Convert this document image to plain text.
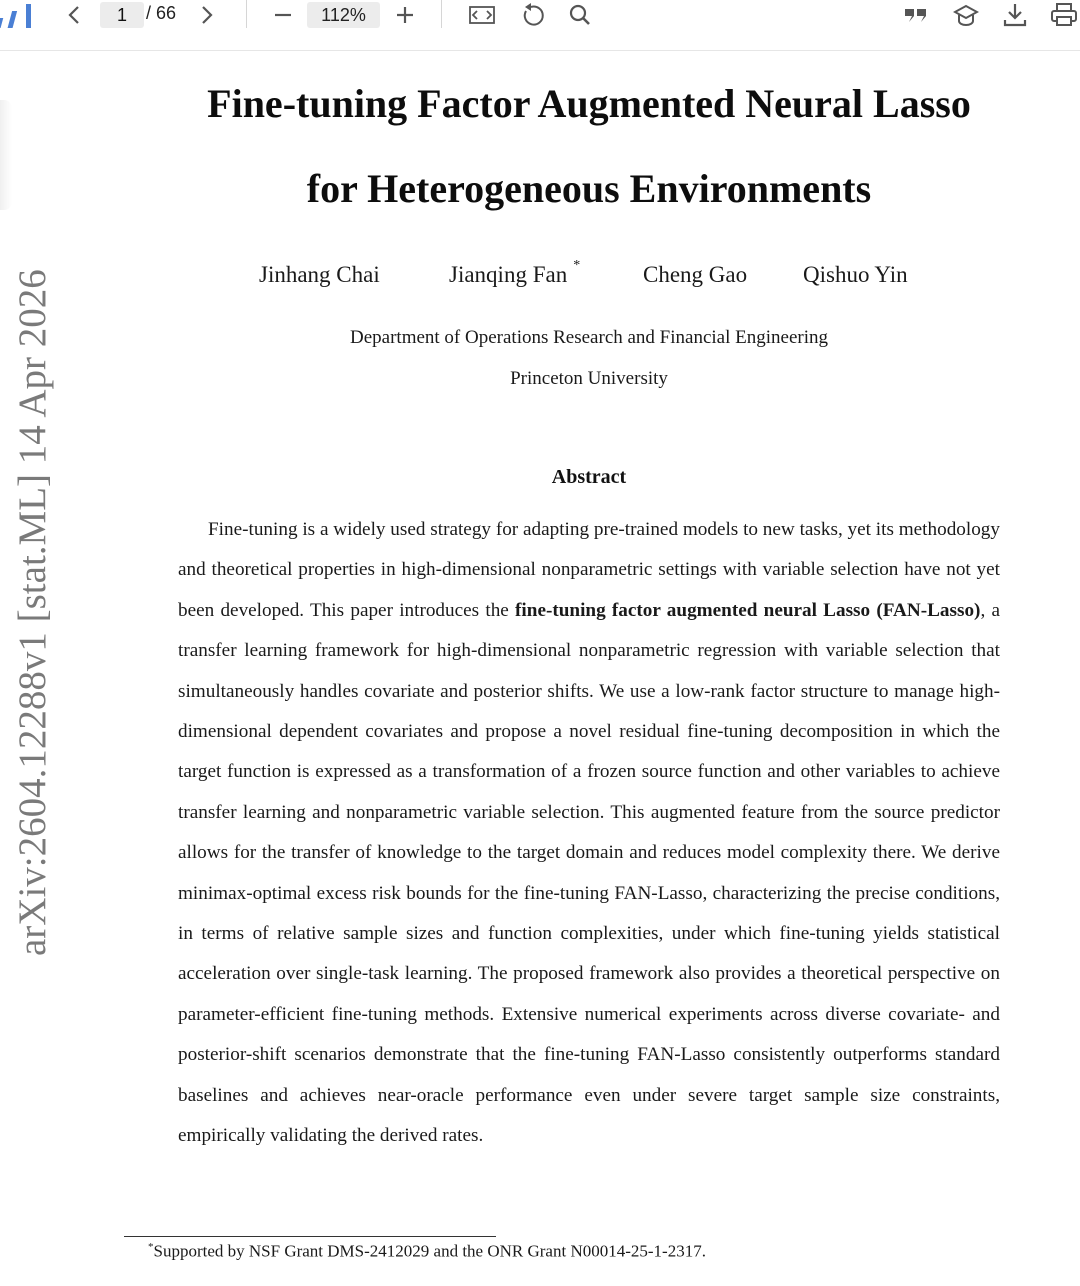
1
/ 66	112%
arXiv:2604.12288v1 [stat.ML] 14 Apr 2026
Fine-tuning Factor Augmented Neural Lasso
for Heterogeneous Environments
Jinhang Chai	Jianqing Fan *	Cheng Gao Qishuo Yin
Department of Operations Research and Financial Engineering
Princeton University
Abstract

Fine-tuning is a widely used strategy for adapting pre-trained models to new tasks, yet its methodology and theoretical properties in high-dimensional nonparametric settings with variable selection have not yet been developed. This paper introduces the fine-tuning factor augmented neural Lasso (FAN-Lasso), a transfer learning framework for high-dimensional nonparametric regression with variable selection that simultaneously handles covariate and posterior shifts. We use a low-rank factor structure to manage high-dimensional dependent covariates and propose a novel residual fine-tuning decomposition in which the target function is expressed as a transformation of a frozen source function and other variables to achieve transfer learning and nonparametric variable selection. This augmented feature from the source predictor allows for the transfer of knowledge to the target domain and reduces model complexity there. We derive minimax-optimal excess risk bounds for the fine-tuning FAN-Lasso, characterizing the precise conditions, in terms of relative sample sizes and function complexities, under which fine-tuning yields statistical acceleration over single-task learning. The proposed framework also provides a theoretical perspective on parameter-efficient fine-tuning methods. Extensive numerical experiments across diverse covariate- and posterior-shift scenarios demonstrate that the fine-tuning FAN-Lasso consistently outperforms standard baselines and achieves near-oracle performance even under severe target sample size constraints, empirically validating the derived rates.

*Supported by NSF Grant DMS-2412029 and the ONR Grant N00014-25-1-2317.
